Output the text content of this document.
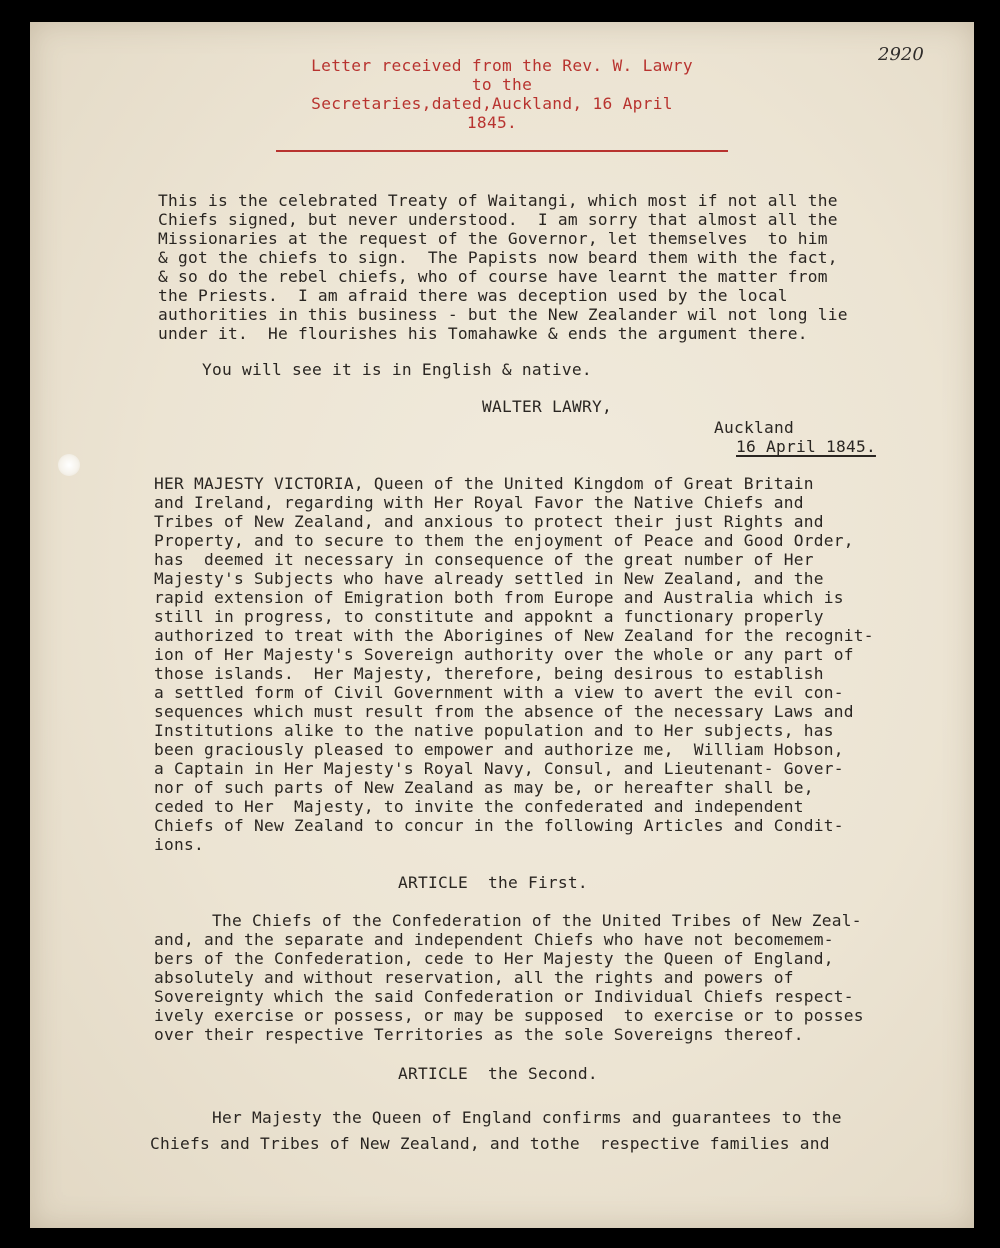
2920
Letter received from the Rev. W. Lawry
to the
Secretaries,dated,Auckland, 16 April
1845.
This is the celebrated Treaty of Waitangi, which most if not all the
Chiefs signed, but never understood.  I am sorry that almost all the
Missionaries at the request of the Governor, let themselves  to him
& got the chiefs to sign.  The Papists now beard them with the fact,
& so do the rebel chiefs, who of course have learnt the matter from
the Priests.  I am afraid there was deception used by the local
authorities in this business - but the New Zealander wil not long lie
under it.  He flourishes his Tomahawke & ends the argument there.
You will see it is in English & native.
WALTER LAWRY,
Auckland
16 April 1845.
HER MAJESTY VICTORIA, Queen of the United Kingdom of Great Britain
and Ireland, regarding with Her Royal Favor the Native Chiefs and
Tribes of New Zealand, and anxious to protect their just Rights and
Property, and to secure to them the enjoyment of Peace and Good Order,
has  deemed it necessary in consequence of the great number of Her
Majesty's Subjects who have already settled in New Zealand, and the
rapid extension of Emigration both from Europe and Australia which is
still in progress, to constitute and appoknt a functionary properly
authorized to treat with the Aborigines of New Zealand for the recognit-
ion of Her Majesty's Sovereign authority over the whole or any part of
those islands.  Her Majesty, therefore, being desirous to establish
a settled form of Civil Government with a view to avert the evil con-
sequences which must result from the absence of the necessary Laws and
Institutions alike to the native population and to Her subjects, has
been graciously pleased to empower and authorize me,  William Hobson,
a Captain in Her Majesty's Royal Navy, Consul, and Lieutenant- Gover-
nor of such parts of New Zealand as may be, or hereafter shall be,
ceded to Her  Majesty, to invite the confederated and independent
Chiefs of New Zealand to concur in the following Articles and Condit-
ions.
ARTICLE  the First.
The Chiefs of the Confederation of the United Tribes of New Zeal-
and, and the separate and independent Chiefs who have not becomemem-
bers of the Confederation, cede to Her Majesty the Queen of England,
absolutely and without reservation, all the rights and powers of
Sovereignty which the said Confederation or Individual Chiefs respect-
ively exercise or possess, or may be supposed  to exercise or to posses
over their respective Territories as the sole Sovereigns thereof.
ARTICLE  the Second.
Her Majesty the Queen of England confirms and guarantees to the
Chiefs and Tribes of New Zealand, and tothe  respective families and
